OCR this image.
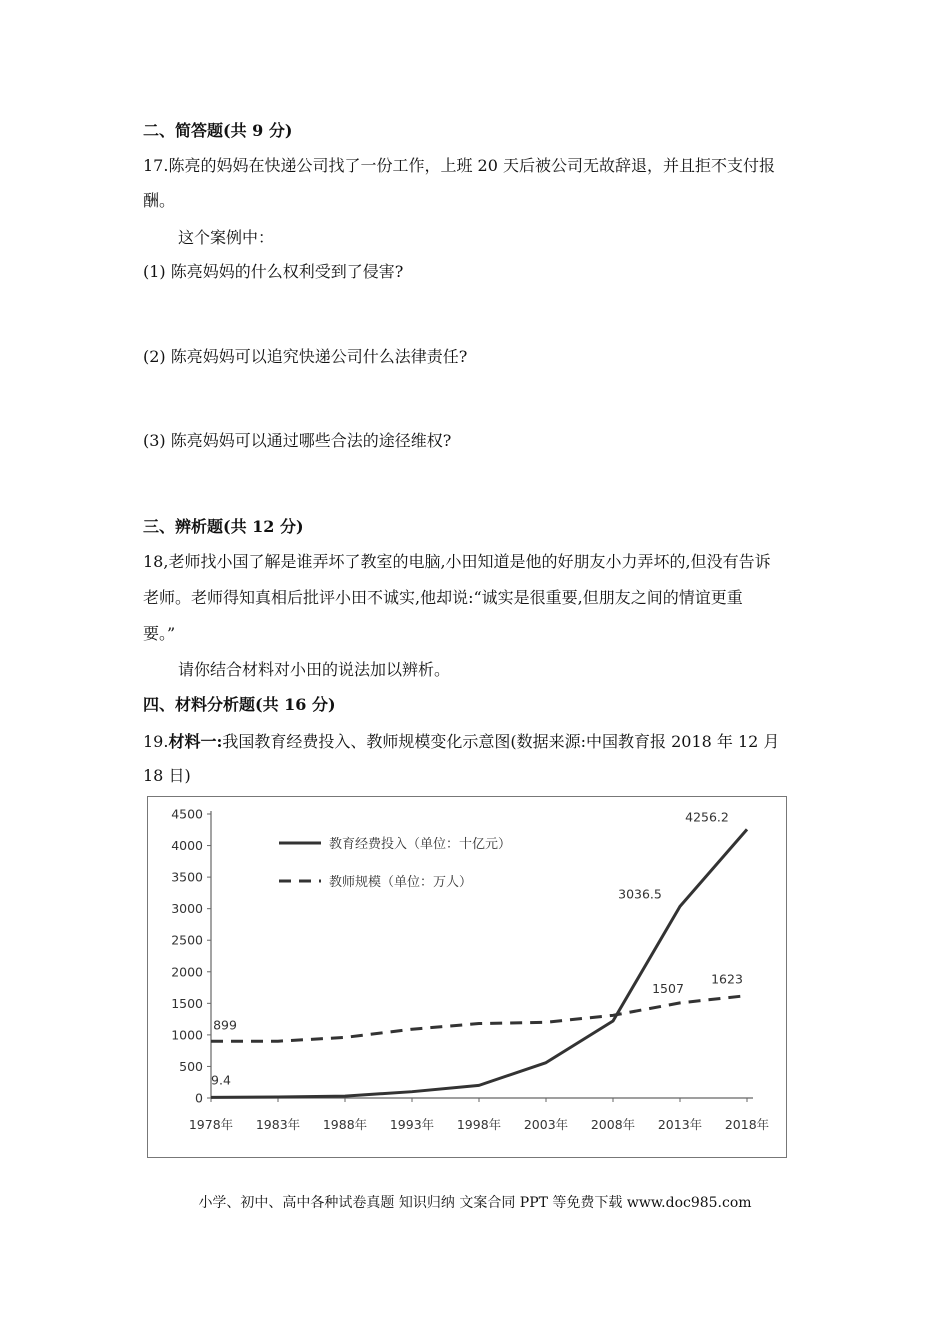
二、简答题(共 9 分)
17.陈亮的妈妈在快递公司找了一份工作，上班 20 天后被公司无故辞退，并且拒不支付报
酬。
这个案例中：
(1) 陈亮妈妈的什么权利受到了侵害?
(2) 陈亮妈妈可以追究快递公司什么法律责任?
(3) 陈亮妈妈可以通过哪些合法的途径维权?
三、辨析题(共 12 分)
18,老师找小国了解是谁弄坏了教室的电脑,小田知道是他的好朋友小力弄坏的,但没有告诉
老师。老师得知真相后批评小田不诚实,他却说:“诚实是很重要,但朋友之间的情谊更重
要。”
请你结合材料对小田的说法加以辨析。
四、材料分析题(共 16 分)
19.材料一:我国教育经费投入、教师规模变化示意图(数据来源:中国教育报 2018 年 12 月
18 日)
0
500
1000
1500
2000
2500
3000
3500
4000
4500
1978年 1983年 1988年 1993年 1998年 2003年 2008年 2013年 2018年
9.4
3036.5
4256.2
899
1507
1623
教育经费投入（单位：十亿元）
教师规模（单位：万人）
小学、初中、高中各种试卷真题 知识归纳 文案合同 PPT 等免费下载 www.doc985.com
